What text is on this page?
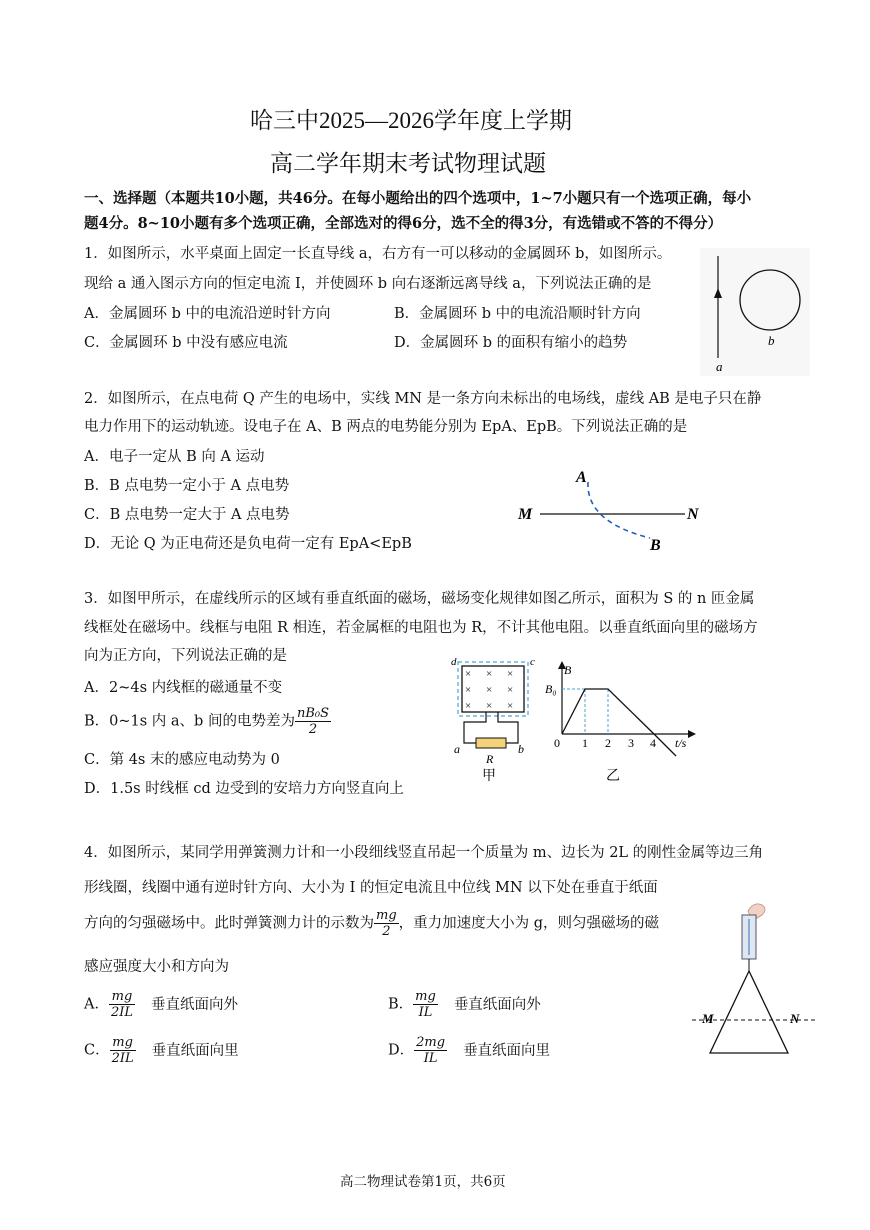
哈三中2025—2026学年度上学期
高二学年期末考试物理试题
一、选择题（本题共10小题，共46分。在每小题给出的四个选项中，1~7小题只有一个选项正确，每小
题4分。8~10小题有多个选项正确，全部选对的得6分，选不全的得3分，有选错或不答的不得分）
1．如图所示，水平桌面上固定一长直导线 a，右方有一可以移动的金属圆环 b，如图所示。
现给 a 通入图示方向的恒定电流 I，并使圆环 b 向右逐渐远离导线 a，下列说法正确的是
A．金属圆环 b 中的电流沿逆时针方向	B．金属圆环 b 中的电流沿顺时针方向
C．金属圆环 b 中没有感应电流	D．金属圆环 b 的面积有缩小的趋势
a
b
2．如图所示，在点电荷 Q 产生的电场中，实线 MN 是一条方向未标出的电场线，虚线 AB 是电子只在静
电力作用下的运动轨迹。设电子在 A、B 两点的电势能分别为 EpA、EpB。下列说法正确的是
A．电子一定从 B 向 A 运动
B．B 点电势一定小于 A 点电势
C．B 点电势一定大于 A 点电势
D．无论 Q 为正电荷还是负电荷一定有 EpA<EpB
A
B
M	N
3．如图甲所示，在虚线所示的区域有垂直纸面的磁场，磁场变化规律如图乙所示，面积为 S 的 n 匝金属
线框处在磁场中。线框与电阻 R 相连，若金属框的电阻也为 R，不计其他电阻。以垂直纸面向里的磁场方
向为正方向，下列说法正确的是
A．2~4s 内线框的磁通量不变
B．0~1s 内 a、b 间的电势差为 $\frac{\text{nB₀S}}{2}$
C．第 4s 末的感应电动势为 0
D．1.5s 时线框 cd 边受到的安培力方向竖直向上
× × ×
× × ×
× × ×
d	c
a	b
R
甲
B
B₀
t/s
0 1 2 3 4
乙
4．如图所示，某同学用弹簧测力计和一小段细线竖直吊起一个质量为 m、边长为 2L 的刚性金属等边三角
形线圈，线圈中通有逆时针方向、大小为 I 的恒定电流且中位线 MN 以下处在垂直于纸面
方向的匀强磁场中。此时弹簧测力计的示数为 $\frac{mg}{2}$ ，重力加速度大小为 g，则匀强磁场的磁
感应强度大小和方向为
A． $\frac{mg}{2IL}$ 垂直纸面向外	B． $\frac{mg}{IL}$ 垂直纸面向外
C． $\frac{mg}{2IL}$ 垂直纸面向里	D． $\frac{2mg}{IL}$ 垂直纸面向里
M	N
高二物理试卷第1页，共6页
